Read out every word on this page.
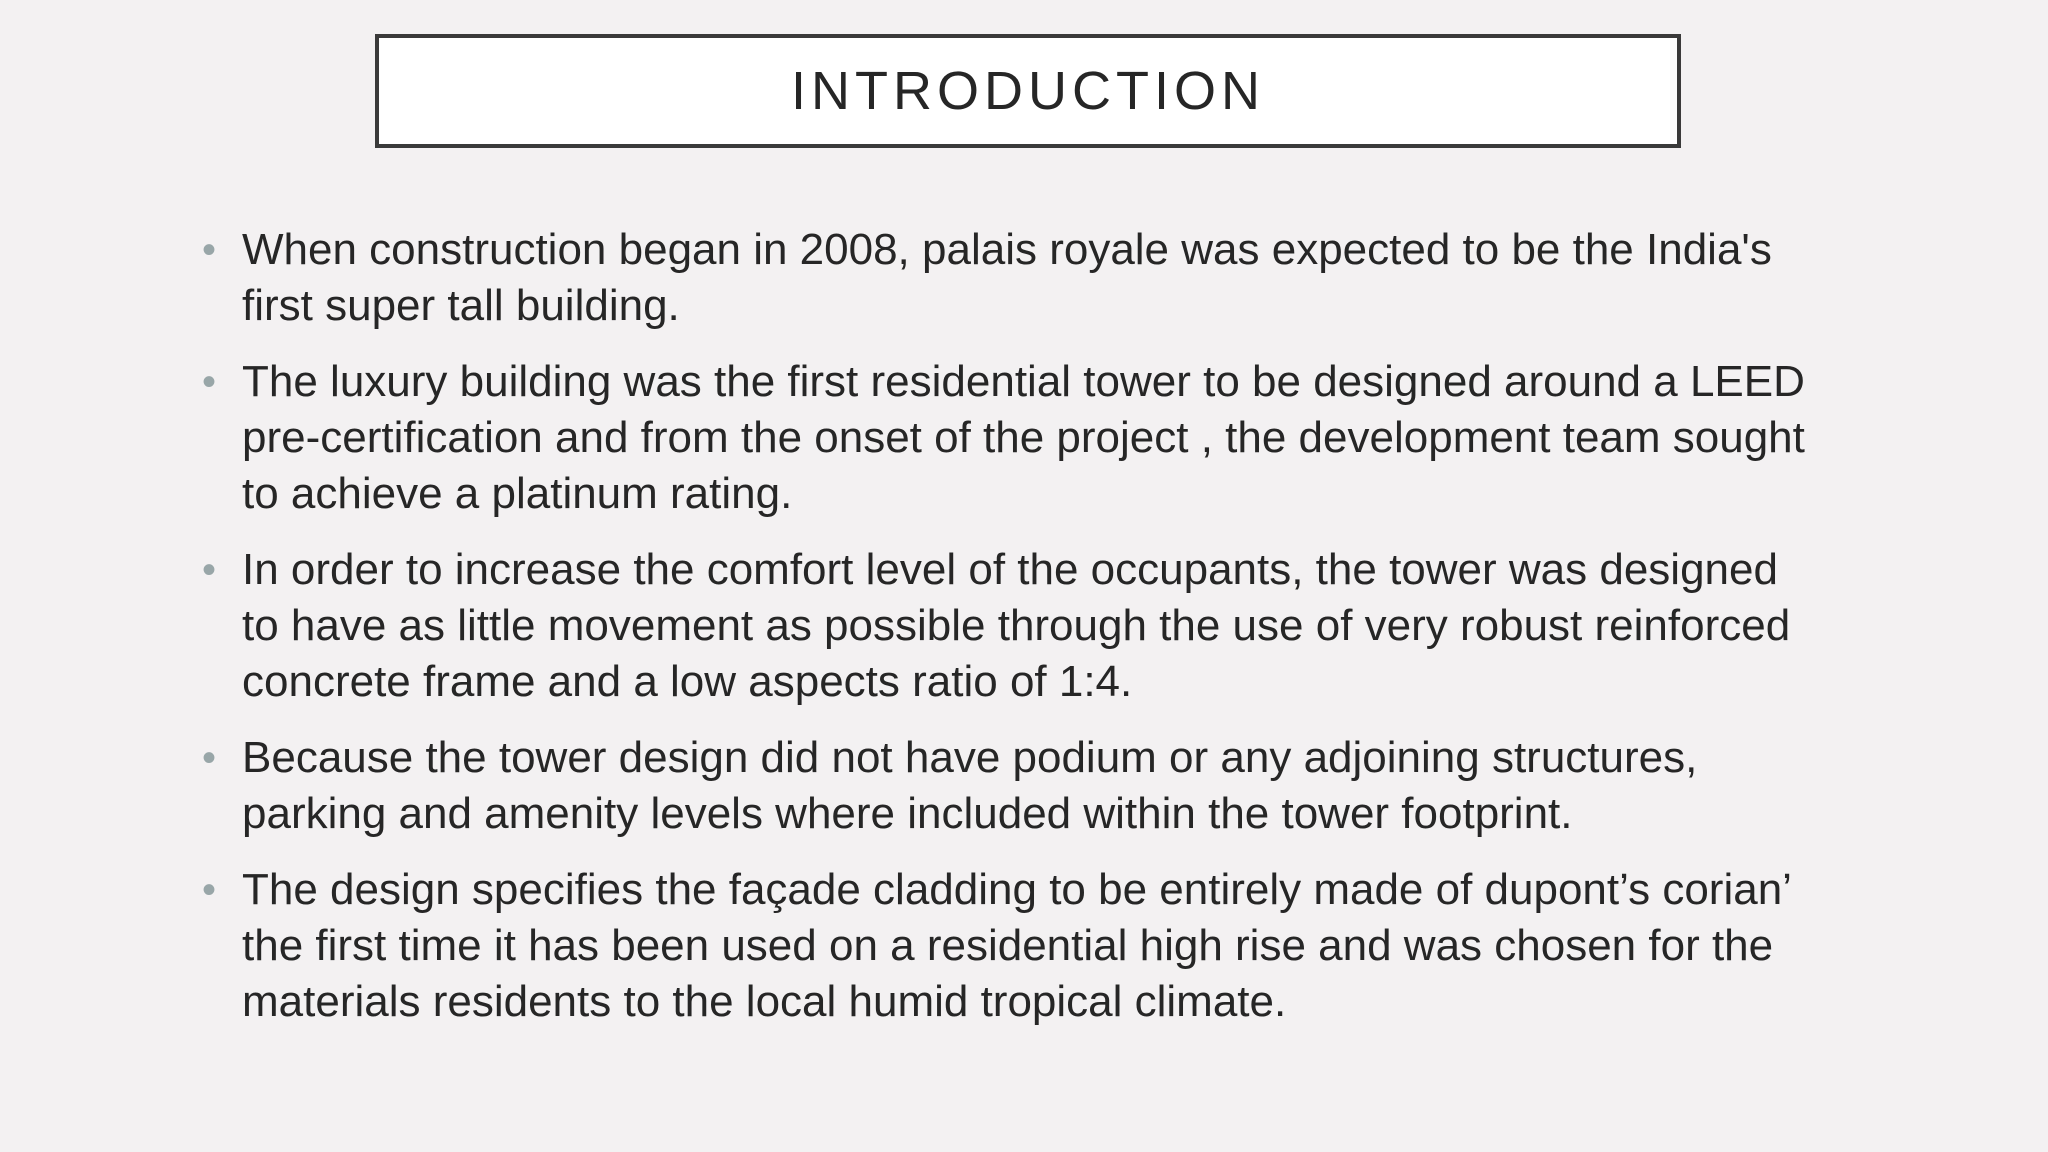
INTRODUCTION
• When construction began in 2008, palais royale was expected to be the India's first super tall building.
• The luxury building was the first residential tower to be designed around a LEED pre-certification and from the onset of the project , the development team sought to achieve a platinum rating.
• In order to increase the comfort level of the occupants, the tower was designed to have as little movement as possible through the use of very robust reinforced concrete frame and a low aspects ratio of 1:4.
• Because the tower design did not have podium or any adjoining structures, parking and amenity levels where included within the tower footprint.
• The design specifies the façade cladding to be entirely made of dupont’s corian’ the first time it has been used on a residential high rise and was chosen for the materials residents to the local humid tropical climate.
